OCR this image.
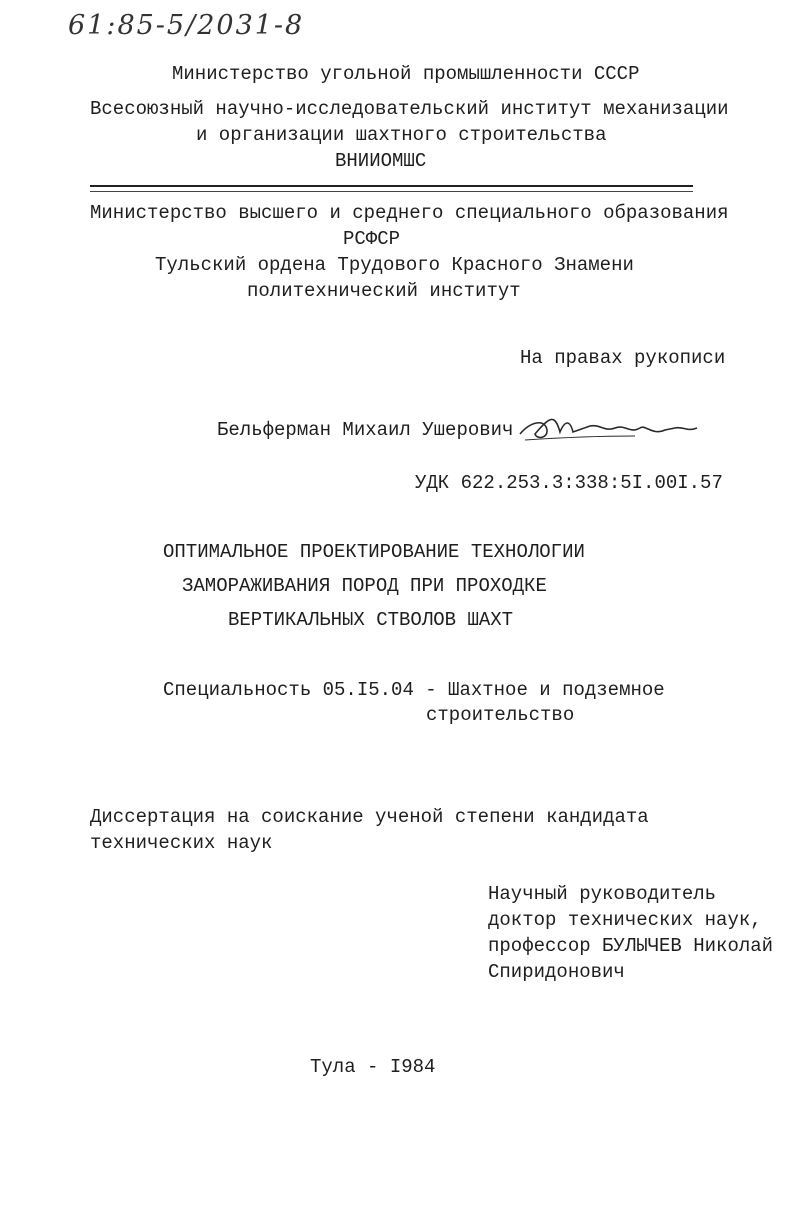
61:85-5/2031-8
Министерство угольной промышленности СССР
Всесоюзный научно-исследовательский институт механизации
и организации шахтного строительства
ВНИИОМШС
Министерство высшего и среднего специального образования
РСФСР
Тульский ордена Трудового Красного Знамени
политехнический институт
На правах рукописи
Бельферман Михаил Ушерович
УДК 622.253.3:338:5I.00I.57
ОПТИМАЛЬНОЕ ПРОЕКТИРОВАНИЕ ТЕХНОЛОГИИ
ЗАМОРАЖИВАНИЯ ПОРОД ПРИ ПРОХОДКЕ
ВЕРТИКАЛЬНЫХ СТВОЛОВ ШАХТ
Специальность 05.I5.04 - Шахтное и подземное
строительство
Диссертация на соискание ученой степени кандидата
технических наук
Научный руководитель
доктор технических наук,
профессор БУЛЫЧЕВ Николай
Спиридонович
Тула - I984
